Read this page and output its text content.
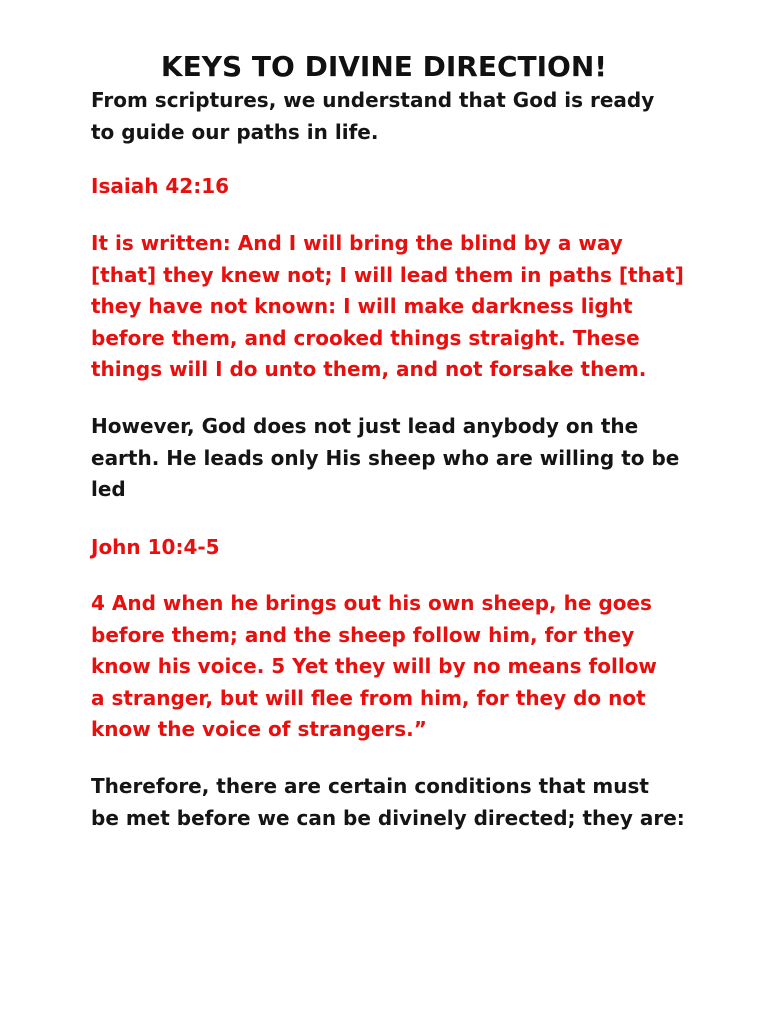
KEYS TO DIVINE DIRECTION!

From scriptures, we understand that God is ready
to guide our paths in life.

Isaiah 42:16

It is written: And I will bring the blind by a way
[that] they knew not; I will lead them in paths [that]
they have not known: I will make darkness light
before them, and crooked things straight. These
things will I do unto them, and not forsake them.

However, God does not just lead anybody on the
earth. He leads only His sheep who are willing to be
led

John 10:4-5

4 And when he brings out his own sheep, he goes
before them; and the sheep follow him, for they
know his voice. 5 Yet they will by no means follow
a stranger, but will flee from him, for they do not
know the voice of strangers.”

Therefore, there are certain conditions that must
be met before we can be divinely directed; they are:
